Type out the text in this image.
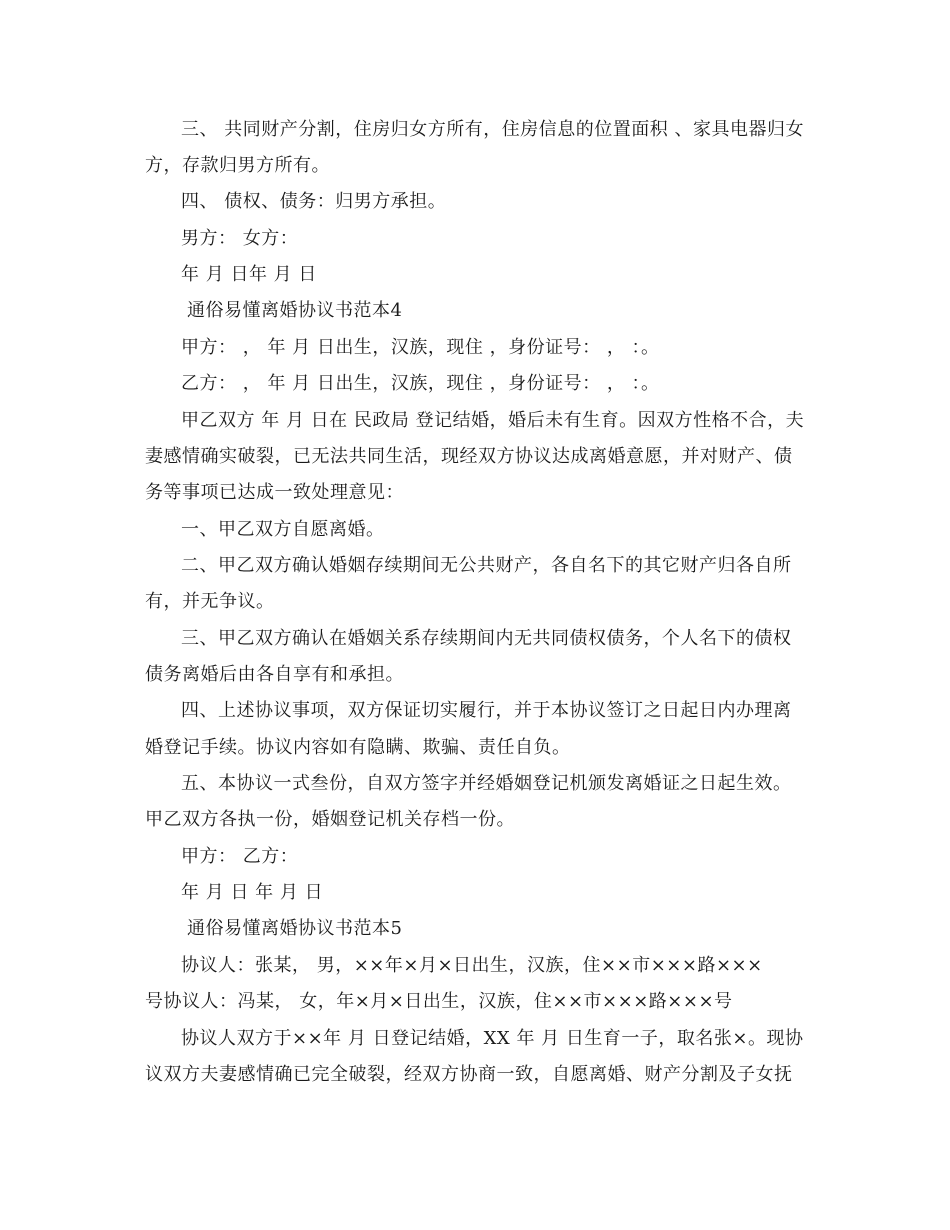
三、 共同财产分割，住房归女方所有，住房信息的位置面积 、家具电器归女
方，存款归男方所有。
四、 债权、债务：归男方承担。
男方： 女方：
年 月 日年 月 日
通俗易懂离婚协议书范本4
甲方： ， 年 月 日出生，汉族，现住 ，身份证号： ， ：。
乙方： ， 年 月 日出生，汉族，现住 ，身份证号： ， ：。
甲乙双方 年 月 日在 民政局 登记结婚，婚后未有生育。因双方性格不合，夫
妻感情确实破裂，已无法共同生活，现经双方协议达成离婚意愿，并对财产、债
务等事项已达成一致处理意见：
一、甲乙双方自愿离婚。
二、甲乙双方确认婚姻存续期间无公共财产，各自名下的其它财产归各自所
有，并无争议。
三、甲乙双方确认在婚姻关系存续期间内无共同债权债务，个人名下的债权
债务离婚后由各自享有和承担。
四、上述协议事项，双方保证切实履行，并于本协议签订之日起日内办理离
婚登记手续。协议内容如有隐瞒、欺骗、责任自负。
五、本协议一式叁份，自双方签字并经婚姻登记机颁发离婚证之日起生效。
甲乙双方各执一份，婚姻登记机关存档一份。
甲方： 乙方：
年 月 日 年 月 日
通俗易懂离婚协议书范本5
协议人：张某， 男，××年×月×日出生，汉族，住××市×××路×××
号协议人：冯某， 女，年×月×日出生，汉族，住××市×××路×××号
协议人双方于××年 月 日登记结婚，XX 年 月 日生育一子，取名张×。现协
议双方夫妻感情确已完全破裂，经双方协商一致，自愿离婚、财产分割及子女抚
